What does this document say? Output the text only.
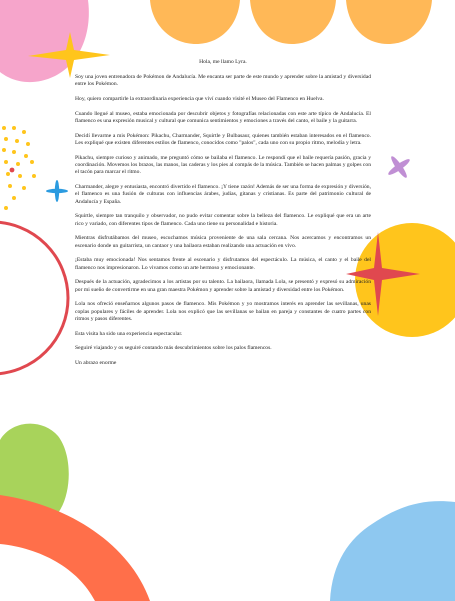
Hola, me llamo Lyra.

Soy una joven entrenadora de Pokémon de Andalucía. Me encanta ser parte de este mundo y aprender sobre la amistad y diversidad entre los Pokémon.

Hoy, quiero compartirle la extraordinaria experiencia que viví cuando visité el Museo del Flamenco en Huelva.

Cuando llegué al museo, estaba emocionada por descubrir objetos y fotografías relacionadas con este arte típico de Andalucía. El flamenco es una expresión musical y cultural que comunica sentimientos y emociones a través del canto, el baile y la guitarra.

Decidí llevarme a mis Pokémon: Pikachu, Charmander, Squirtle y Bulbasaur, quienes también estaban interesados en el flamenco. Les expliqué que existen diferentes estilos de flamenco, conocidos como "palos", cada uno con su propio ritmo, melodía y letra.

Pikachu, siempre curioso y animado, me preguntó cómo se bailaba el flamenco. Le respondí que el baile requería pasión, gracia y coordinación. Movemos los brazos, las manos, las caderas y los pies al compás de la música. También se hacen palmas y golpes con el tacón para marcar el ritmo.

Charmander, alegre y entusiasta, encontró divertido el flamenco. ¡Y tiene razón! Además de ser una forma de expresión y diversión, el flamenco es una fusión de culturas con influencias árabes, judías, gitanas y cristianas. Es parte del patrimonio cultural de Andalucía y España.

Squirtle, siempre tan tranquilo y observador, no pudo evitar comentar sobre la belleza del flamenco. Le expliqué que era un arte rico y variado, con diferentes tipos de flamenco. Cada uno tiene su personalidad e historia.

Mientras disfrutábamos del museo, escuchamos música proveniente de una sala cercana. Nos acercamos y encontramos un escenario donde un guitarrista, un cantaor y una bailaora estaban realizando una actuación en vivo.

¡Estaba muy emocionada! Nos sentamos frente al escenario y disfrutamos del espectáculo. La música, el canto y el baile del flamenco nos impresionaron. Lo vivamos como un arte hermoso y emocionante.

Después de la actuación, agradecimos a los artistas por su talento. La bailaora, llamada Lola, se presentó y expresó su admiración por mi sueño de convertirme en una gran maestra Pokémon y aprender sobre la amistad y diversidad entre los Pokémon.

Lola nos ofreció enseñarnos algunos pasos de flamenco. Mis Pokémon y yo mostramos interés en aprender las sevillanas, unas coplas populares y fáciles de aprender. Lola nos explicó que las sevillanas se bailan en pareja y constantes de cuatro partes con ritmos y pasos diferentes.

Esta visita ha sido una experiencia espectacular.

Seguiré viajando y os seguiré contando más descubrimientos sobre los palos flamencos.

Un abrazo enorme
